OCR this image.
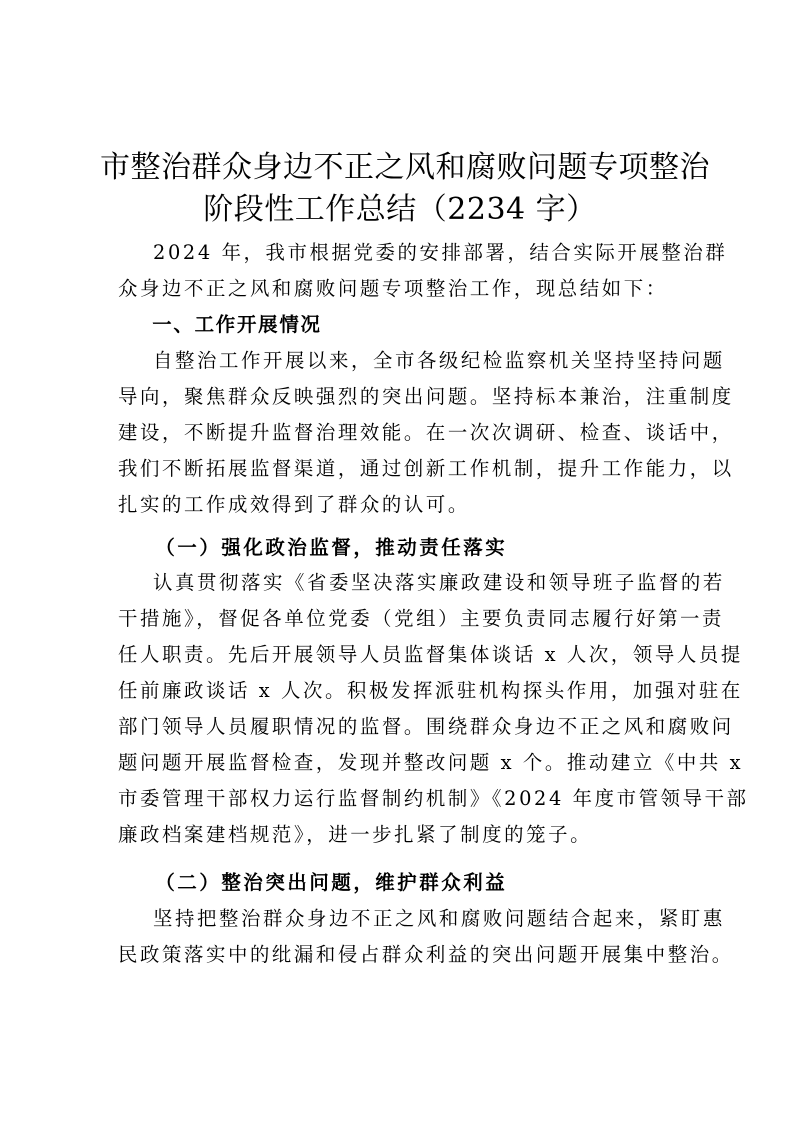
市整治群众身边不正之风和腐败问题专项整治
阶段性工作总结（2234 字）
2024 年，我市根据党委的安排部署，结合实际开展整治群
众身边不正之风和腐败问题专项整治工作，现总结如下：
一、工作开展情况
自整治工作开展以来，全市各级纪检监察机关坚持坚持问题
导向，聚焦群众反映强烈的突出问题。坚持标本兼治，注重制度
建设，不断提升监督治理效能。在一次次调研、检查、谈话中，
我们不断拓展监督渠道，通过创新工作机制，提升工作能力，以
扎实的工作成效得到了群众的认可。
（一）强化政治监督，推动责任落实
认真贯彻落实《省委坚决落实廉政建设和领导班子监督的若
干措施》，督促各单位党委（党组）主要负责同志履行好第一责
任人职责。先后开展领导人员监督集体谈话 x 人次，领导人员提
任前廉政谈话 x 人次。积极发挥派驻机构探头作用，加强对驻在
部门领导人员履职情况的监督。围绕群众身边不正之风和腐败问
题问题开展监督检查，发现并整改问题 x 个。推动建立《中共 x
市委管理干部权力运行监督制约机制》《2024 年度市管领导干部
廉政档案建档规范》，进一步扎紧了制度的笼子。
（二）整治突出问题，维护群众利益
坚持把整治群众身边不正之风和腐败问题结合起来，紧盯惠
民政策落实中的纰漏和侵占群众利益的突出问题开展集中整治。
